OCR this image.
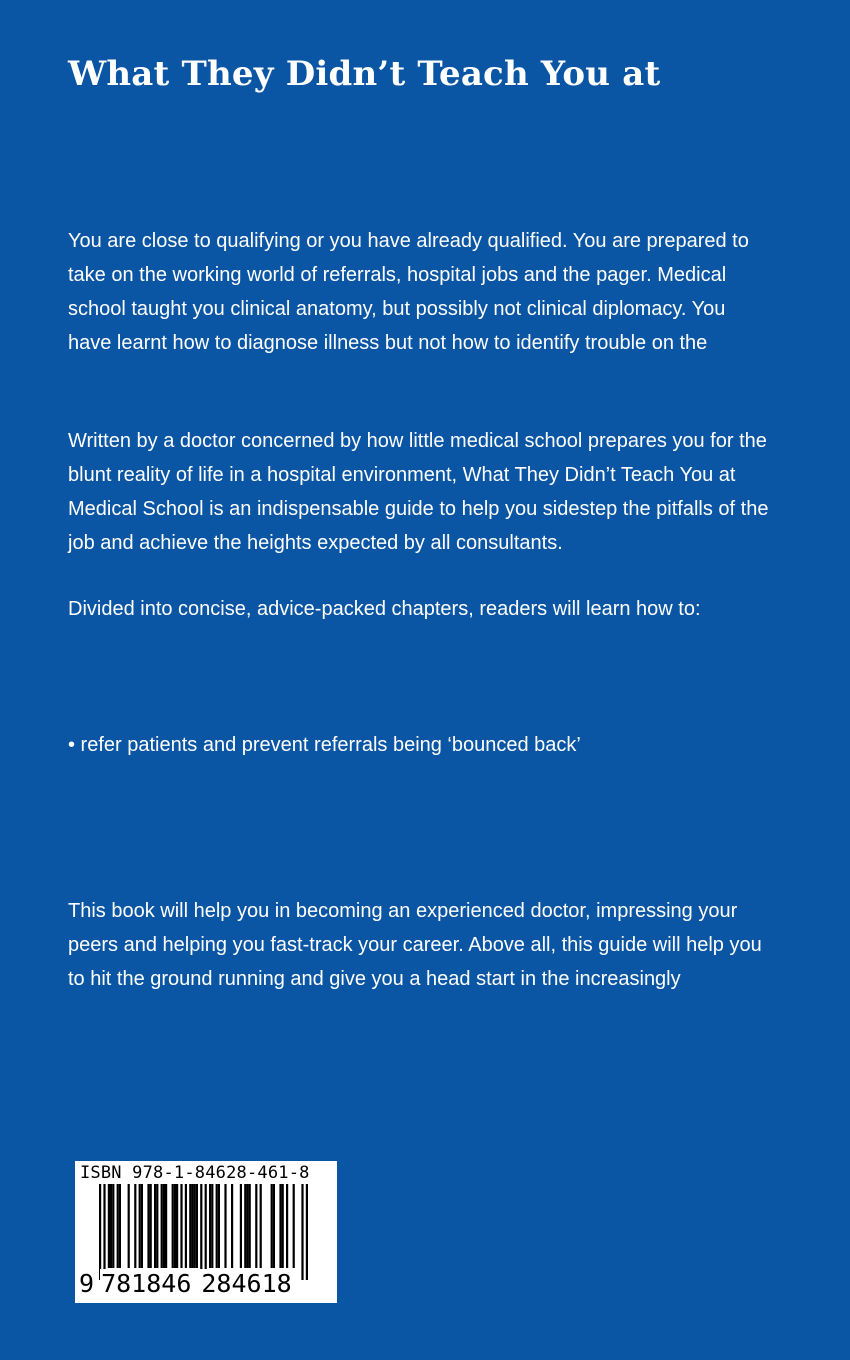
What They Didn’t Teach You at

You are close to qualifying or you have already qualified. You are prepared to
take on the working world of referrals, hospital jobs and the pager. Medical
school taught you clinical anatomy, but possibly not clinical diplomacy. You
have learnt how to diagnose illness but not how to identify trouble on the

Written by a doctor concerned by how little medical school prepares you for the
blunt reality of life in a hospital environment, What They Didn’t Teach You at
Medical School is an indispensable guide to help you sidestep the pitfalls of the
job and achieve the heights expected by all consultants.

Divided into concise, advice-packed chapters, readers will learn how to:

• refer patients and prevent referrals being ‘bounced back’

This book will help you in becoming an experienced doctor, impressing your
peers and helping you fast-track your career. Above all, this guide will help you
to hit the ground running and give you a head start in the increasingly

ISBN 978-1-84628-461-8
9 781846 284618
